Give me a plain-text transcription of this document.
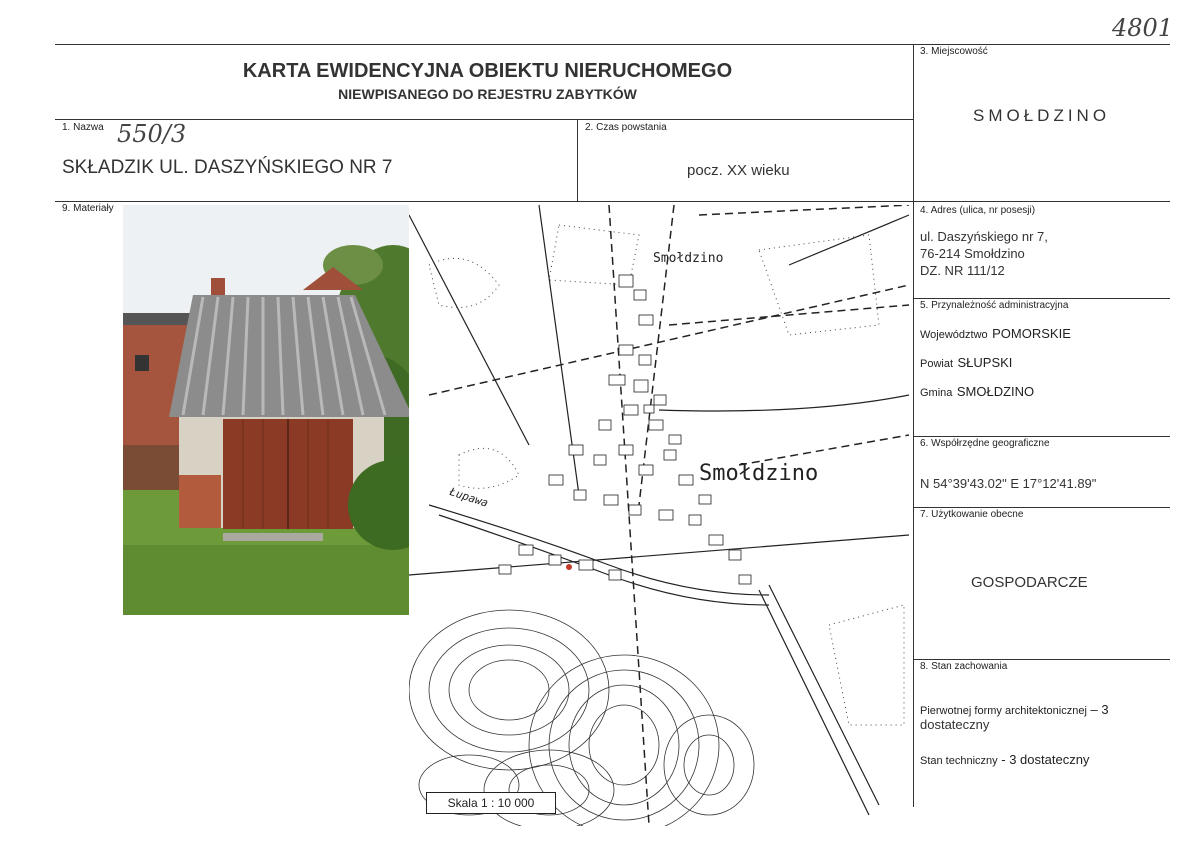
4801
KARTA EWIDENCYJNA OBIEKTU NIERUCHOMEGO
NIEWPISANEGO DO REJESTRU ZABYTKÓW
1. Nazwa 550/3
SKŁADZIK UL. DASZYŃSKIEGO NR 7
2. Czas powstania
pocz. XX wieku
3. Miejscowość
SMOŁDZINO
4. Adres (ulica, nr posesji)
ul. Daszyńskiego nr 7,
76-214 Smołdzino
DZ. NR 111/12
5. Przynależność administracyjna
Województwo POMORSKIE
Powiat SŁUPSKI
Gmina SMOŁDZINO
6. Współrzędne geograficzne
N 54°39'43.02" E 17°12'41.89"
7. Użytkowanie obecne
GOSPODARCZE
8. Stan zachowania
Pierwotnej formy architektonicznej – 3
dostateczny
Stan techniczny - 3 dostateczny
9. Materiały
Smołdzino
Smołdzino
Łupawa
Skala 1 : 10 000
